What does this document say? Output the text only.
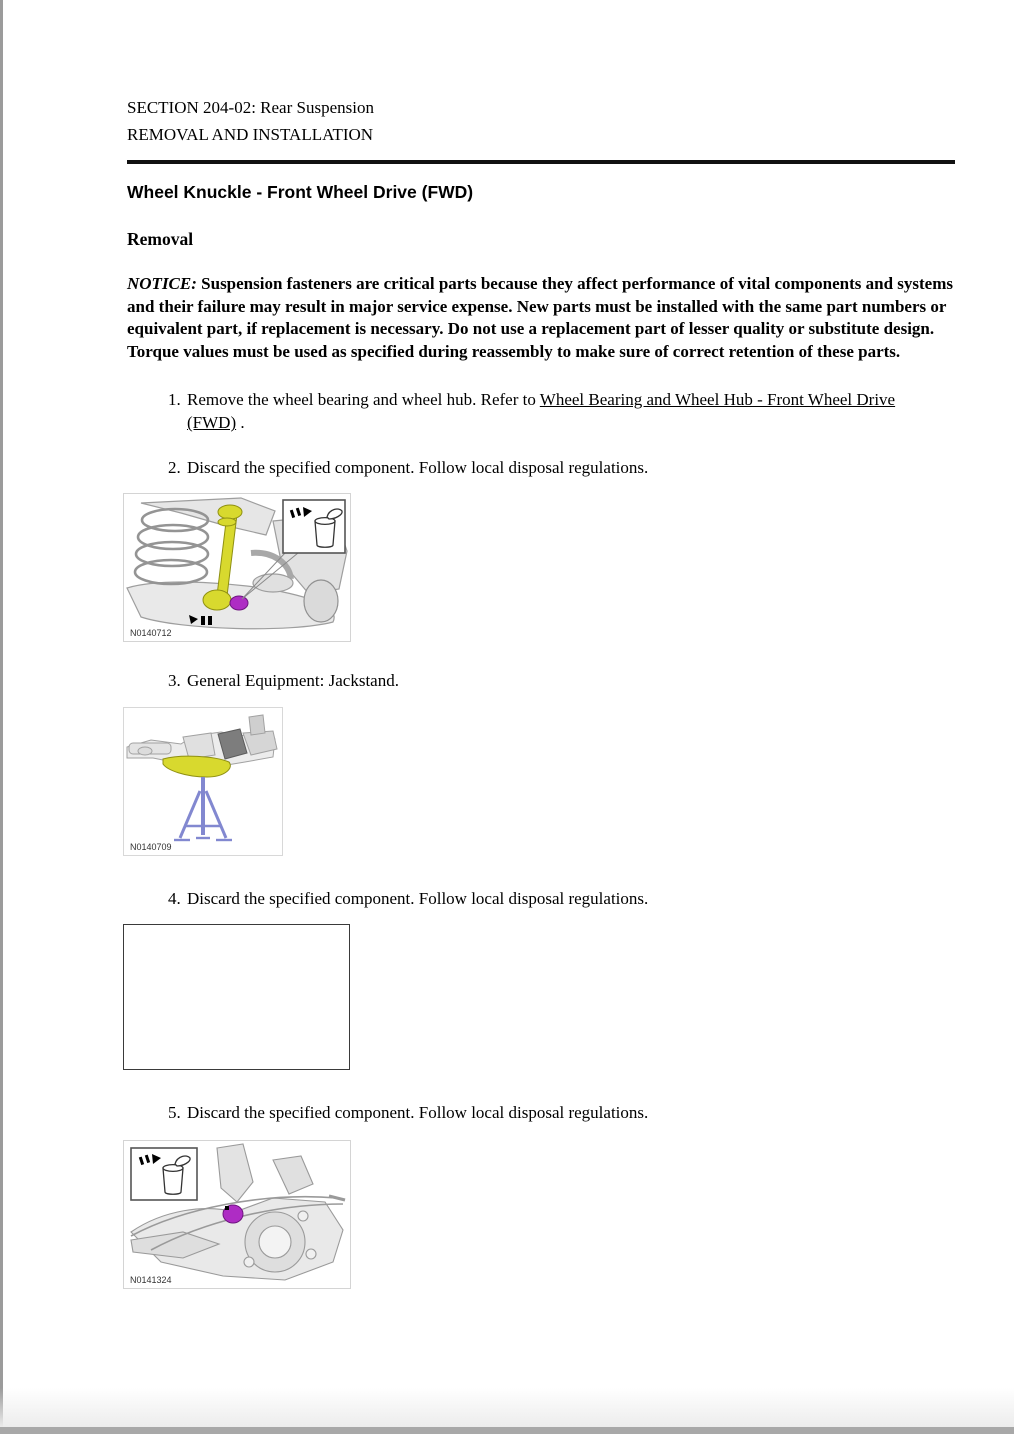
SECTION 204-02: Rear Suspension
REMOVAL AND INSTALLATION
Wheel Knuckle - Front Wheel Drive (FWD)
Removal
NOTICE: Suspension fasteners are critical parts because they affect performance of vital components and systems and their failure may result in major service expense. New parts must be installed with the same part numbers or equivalent part, if replacement is necessary. Do not use a replacement part of lesser quality or substitute design. Torque values must be used as specified during reassembly to make sure of correct retention of these parts.
1. Remove the wheel bearing and wheel hub. Refer to Wheel Bearing and Wheel Hub - Front Wheel Drive (FWD) .
2. Discard the specified component. Follow local disposal regulations.
N0140712
3. General Equipment: Jackstand.
N0140709
4. Discard the specified component. Follow local disposal regulations.
5. Discard the specified component. Follow local disposal regulations.
N0141324
